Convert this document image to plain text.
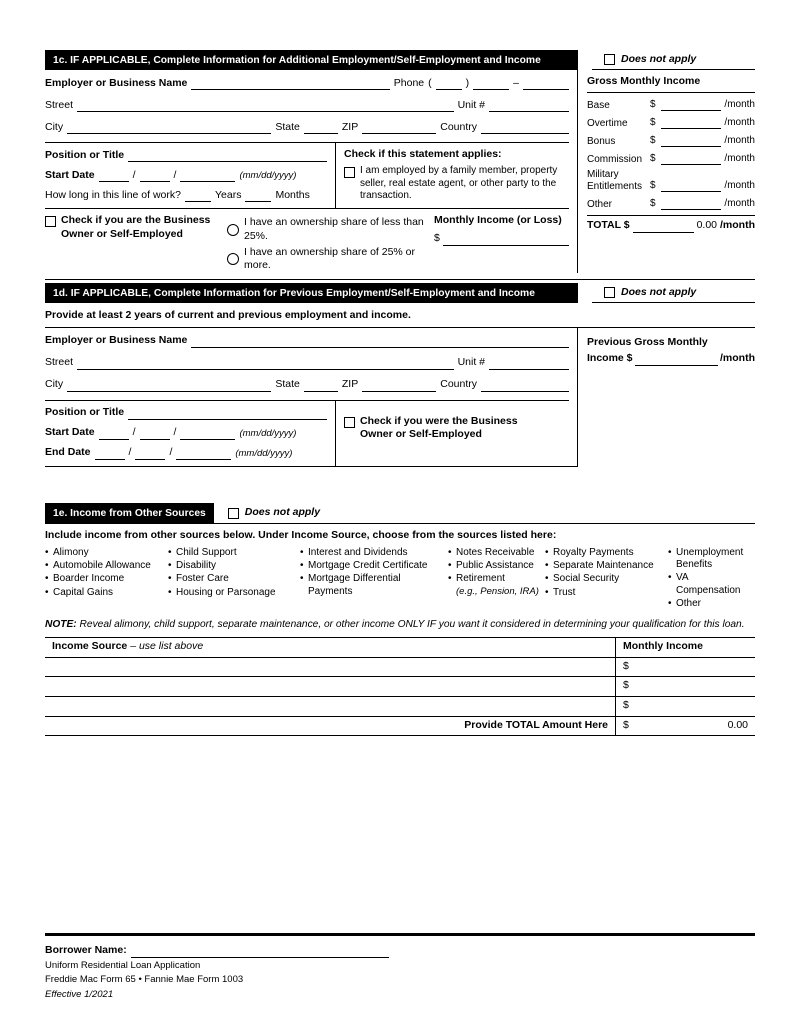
1c. IF APPLICABLE, Complete Information for Additional Employment/Self-Employment and Income	Does not apply
Employer or Business Name	Phone (	)	–
Street	Unit #
City	State	ZIP	Country
Position or Title
Start Date	/	/	(mm/dd/yyyy)
How long in this line of work?	Years	Months
Check if this statement applies:
I am employed by a family member, property seller, real estate agent, or other party to the transaction.
Check if you are the Business
Owner or Self-Employed
I have an ownership share of less than 25%.
I have an ownership share of 25% or more.
Monthly Income (or Loss)
$
Gross Monthly Income
Base	$	/month
Overtime	$	/month
Bonus	$	/month
Commission $	/month
Military Entitlements $	/month
Other	$	/month
TOTAL $	0.00 /month
1d. IF APPLICABLE, Complete Information for Previous Employment/Self-Employment and Income	Does not apply
Provide at least 2 years of current and previous employment and income.
Employer or Business Name
Street	Unit #
City	State	ZIP	Country
Position or Title
Start Date	/	/	(mm/dd/yyyy)
End Date	/	/	(mm/dd/yyyy)
Check if you were the Business
Owner or Self-Employed
Previous Gross Monthly
Income $	/month
1e. Income from Other Sources	Does not apply
Include income from other sources below. Under Income Source, choose from the sources listed here:
• Alimony
• Automobile Allowance
• Boarder Income
• Capital Gains
• Child Support
• Disability
• Foster Care
• Housing or Parsonage
• Interest and Dividends
• Mortgage Credit Certificate
• Mortgage Differential Payments
• Notes Receivable
• Public Assistance
• Retirement
(e.g., Pension, IRA)
• Royalty Payments
• Separate Maintenance
• Social Security
• Trust
• Unemployment Benefits
• VA Compensation
• Other
NOTE: Reveal alimony, child support, separate maintenance, or other income ONLY IF you want it considered in determining your qualification for this loan.
Income Source – use list above	Monthly Income
$
$
$
Provide TOTAL Amount Here	$	0.00
Borrower Name:
Uniform Residential Loan Application
Freddie Mac Form 65 • Fannie Mae Form 1003
Effective 1/2021
